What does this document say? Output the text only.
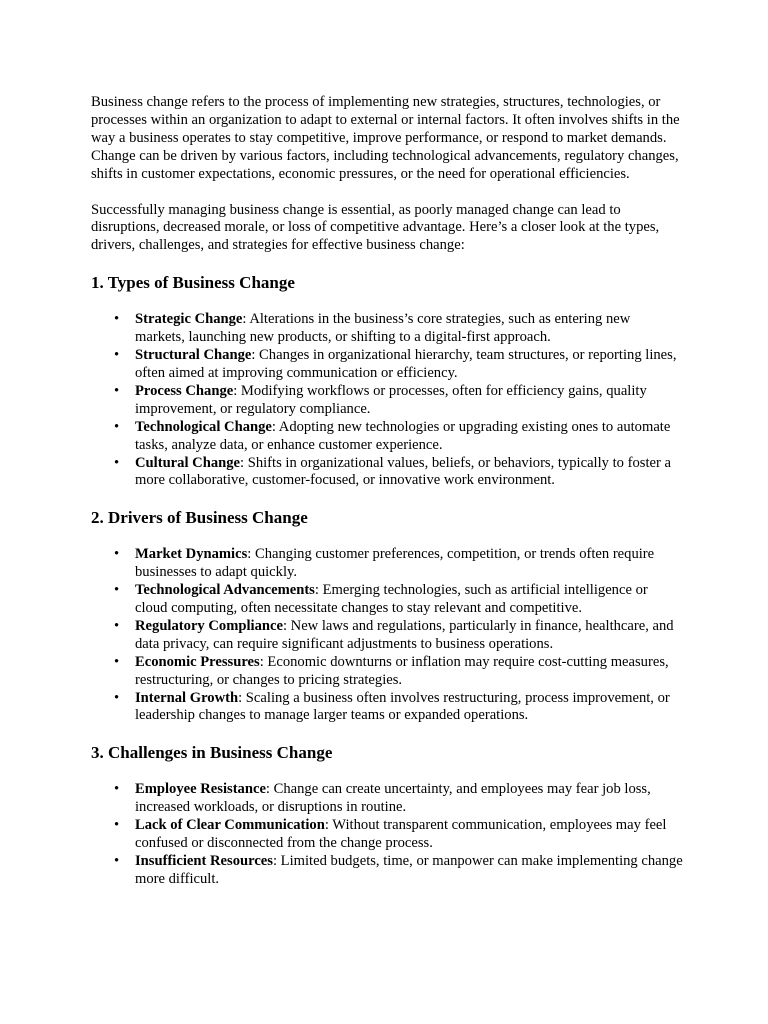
Business change refers to the process of implementing new strategies, structures, technologies, or processes within an organization to adapt to external or internal factors. It often involves shifts in the way a business operates to stay competitive, improve performance, or respond to market demands. Change can be driven by various factors, including technological advancements, regulatory changes, shifts in customer expectations, economic pressures, or the need for operational efficiencies.

Successfully managing business change is essential, as poorly managed change can lead to disruptions, decreased morale, or loss of competitive advantage. Here’s a closer look at the types, drivers, challenges, and strategies for effective business change:

1. Types of Business Change
• Strategic Change: Alterations in the business’s core strategies, such as entering new markets, launching new products, or shifting to a digital-first approach.
• Structural Change: Changes in organizational hierarchy, team structures, or reporting lines, often aimed at improving communication or efficiency.
• Process Change: Modifying workflows or processes, often for efficiency gains, quality improvement, or regulatory compliance.
• Technological Change: Adopting new technologies or upgrading existing ones to automate tasks, analyze data, or enhance customer experience.
• Cultural Change: Shifts in organizational values, beliefs, or behaviors, typically to foster a more collaborative, customer-focused, or innovative work environment.
2. Drivers of Business Change
• Market Dynamics: Changing customer preferences, competition, or trends often require businesses to adapt quickly.
• Technological Advancements: Emerging technologies, such as artificial intelligence or cloud computing, often necessitate changes to stay relevant and competitive.
• Regulatory Compliance: New laws and regulations, particularly in finance, healthcare, and data privacy, can require significant adjustments to business operations.
• Economic Pressures: Economic downturns or inflation may require cost-cutting measures, restructuring, or changes to pricing strategies.
• Internal Growth: Scaling a business often involves restructuring, process improvement, or leadership changes to manage larger teams or expanded operations.
3. Challenges in Business Change
• Employee Resistance: Change can create uncertainty, and employees may fear job loss, increased workloads, or disruptions in routine.
• Lack of Clear Communication: Without transparent communication, employees may feel confused or disconnected from the change process.
• Insufficient Resources: Limited budgets, time, or manpower can make implementing change more difficult.
